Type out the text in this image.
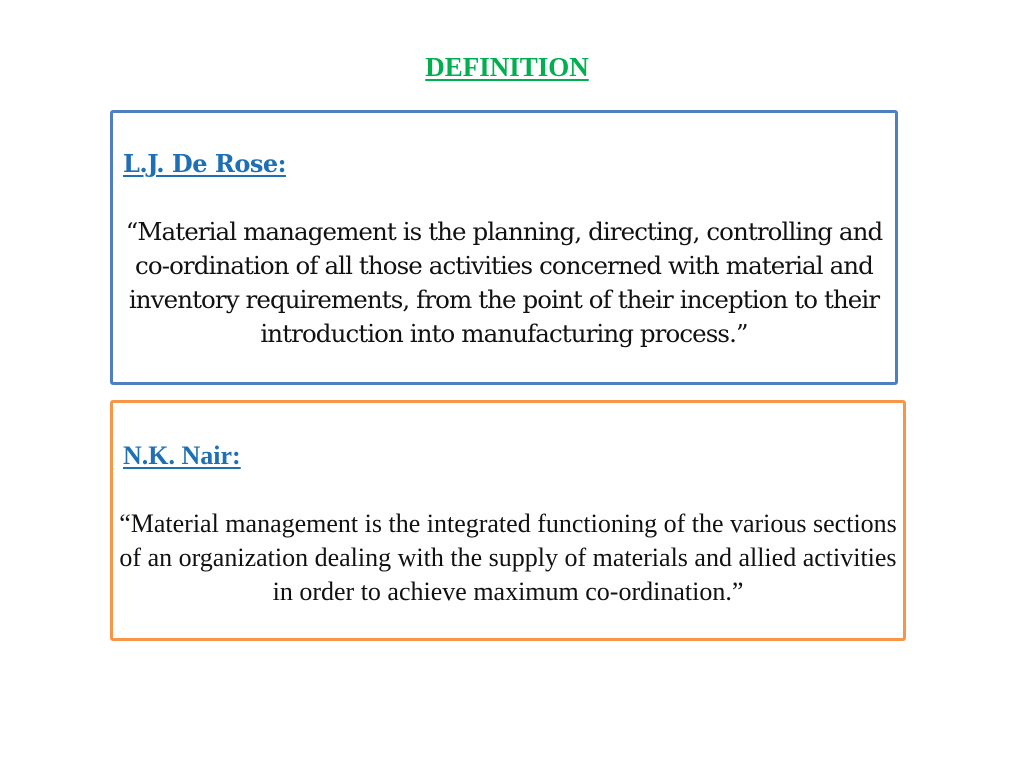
DEFINITION
L.J. De Rose:
“Material management is the planning, directing, controlling and co-ordination of all those activities concerned with material and inventory requirements, from the point of their inception to their introduction into manufacturing process.”
N.K. Nair:
“Material management is the integrated functioning of the various sections of an organization dealing with the supply of materials and allied activities in order to achieve maximum co-ordination.”
